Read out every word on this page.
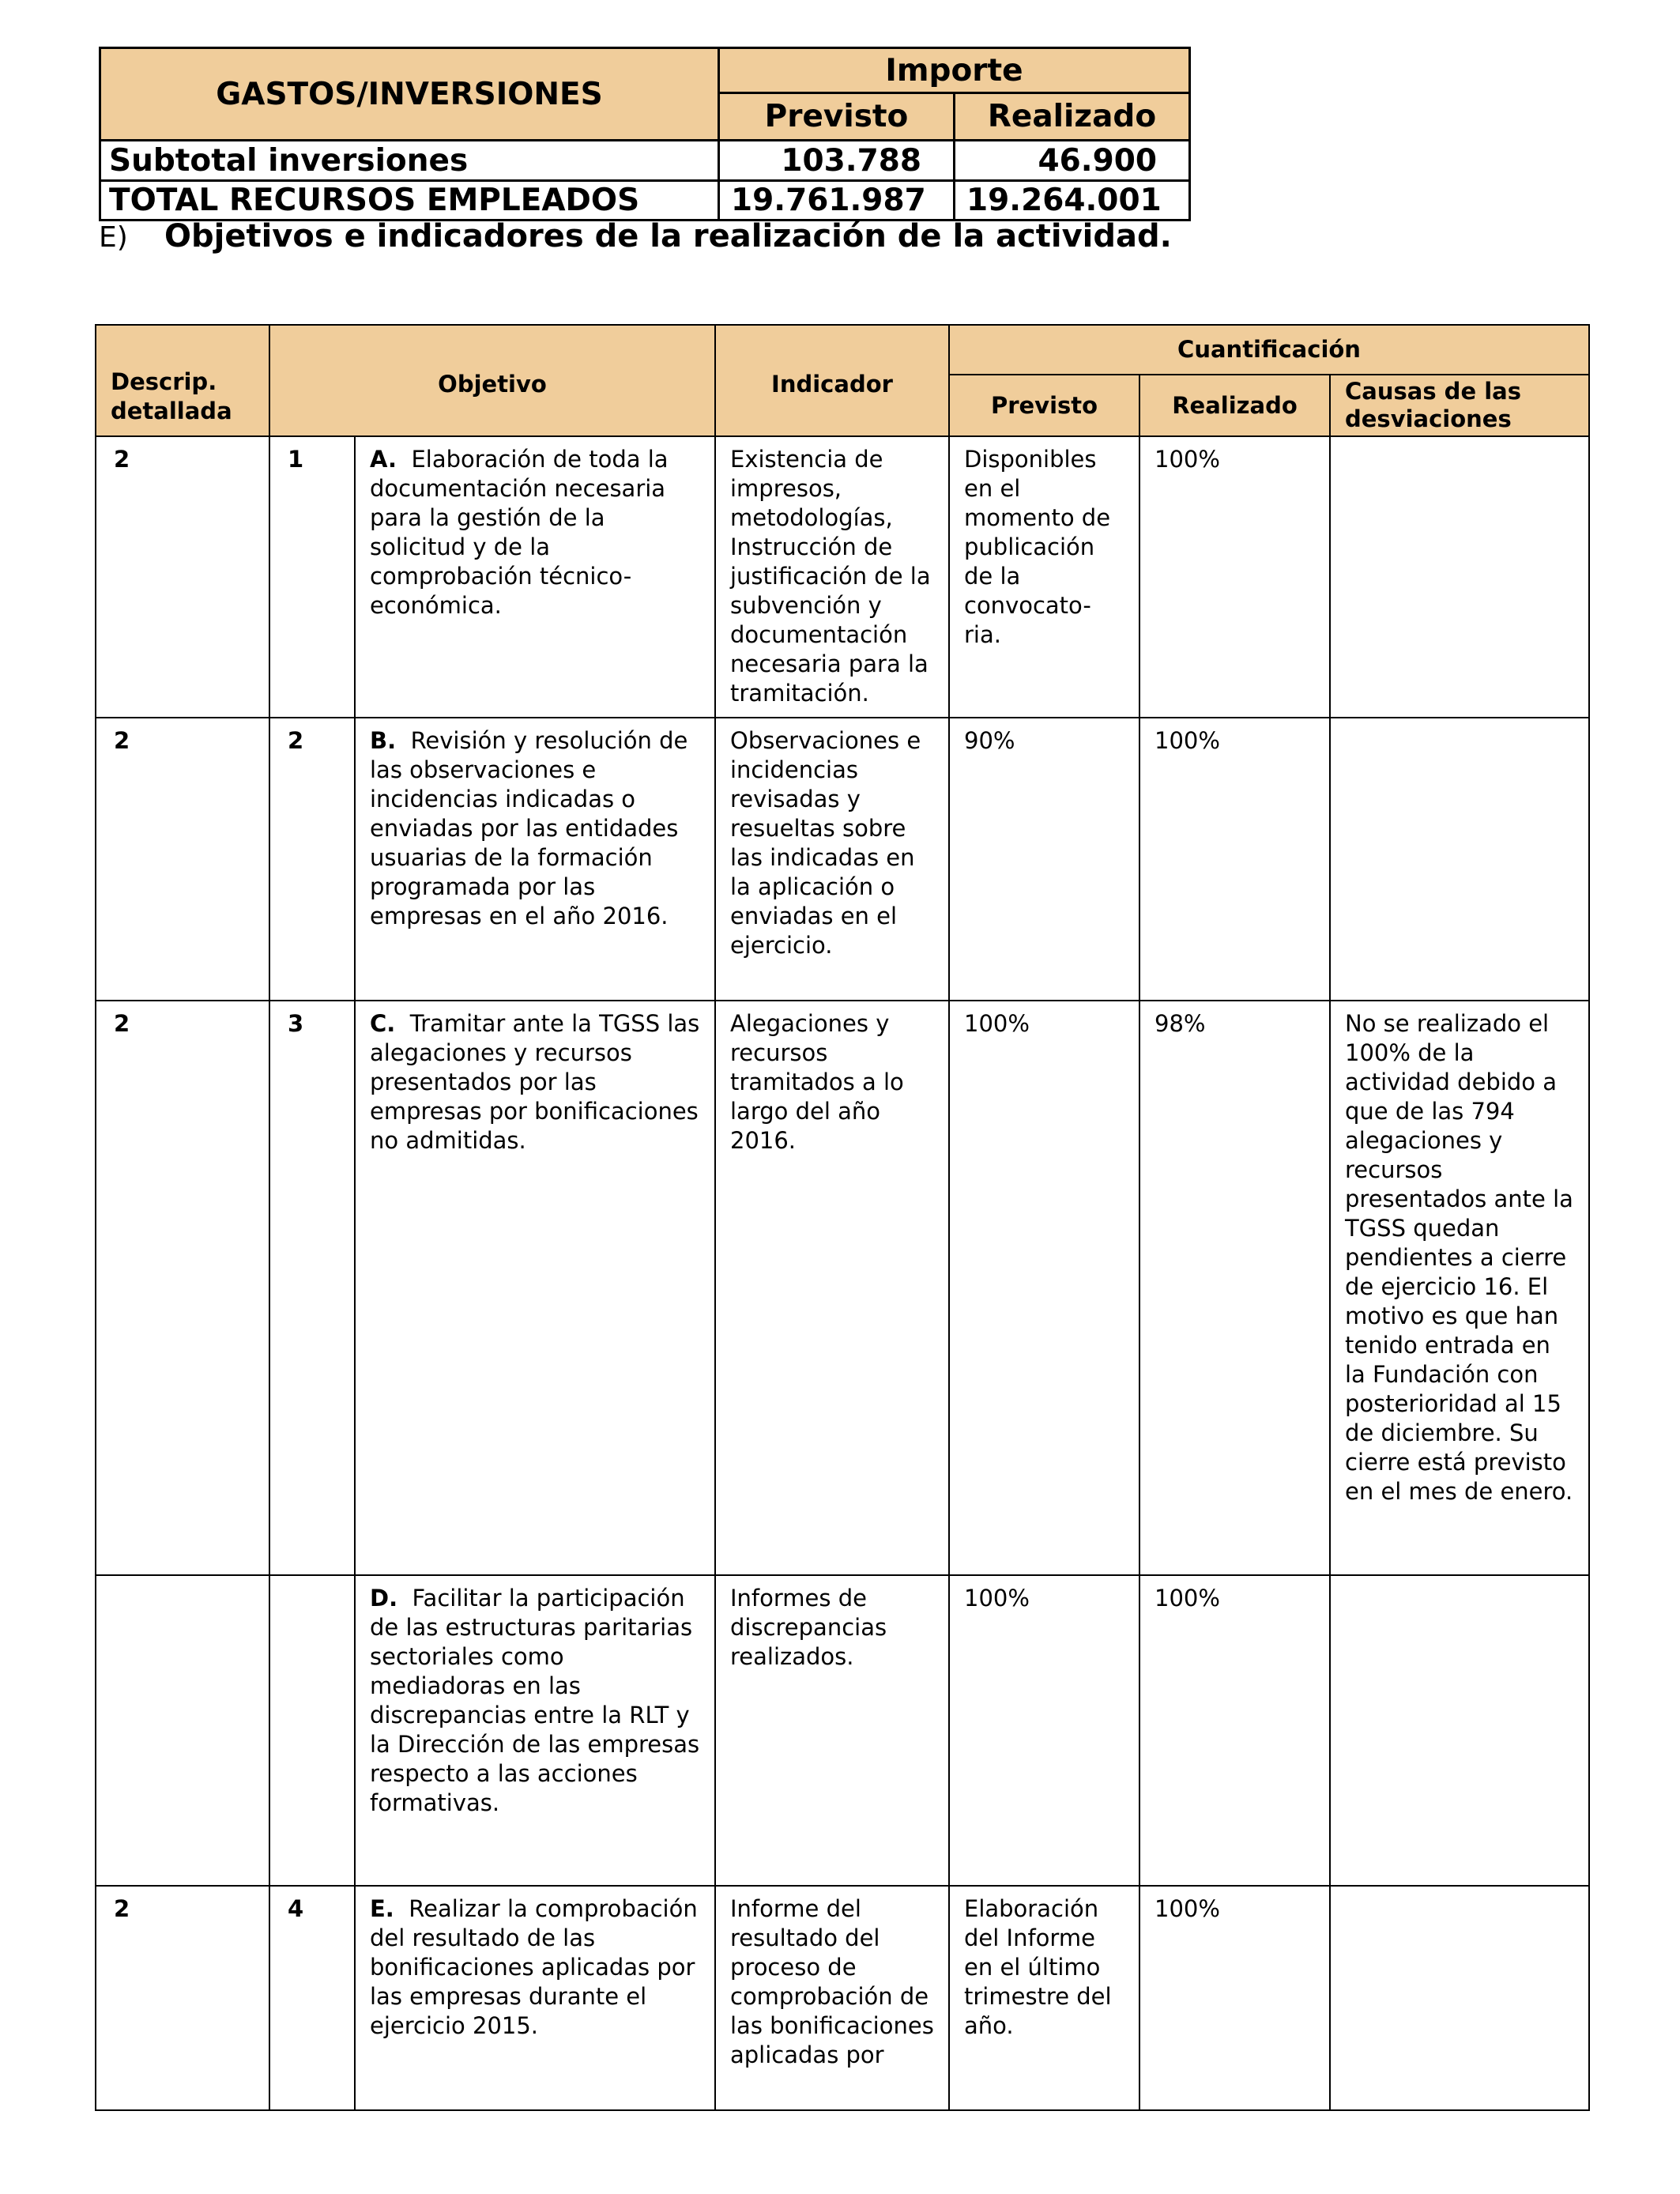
GASTOS/INVERSIONES	Importe	
	Previsto	Realizado
Subtotal inversiones	103.788	46.900
TOTAL RECURSOS EMPLEADOS	19.761.987	19.264.001
E) Objetivos e indicadores de la realización de la actividad.
Descrip. detallada	Objetivo		Indicador	Cuantificación		
				Previsto	Realizado	Causas de las desviaciones
2	1	A. Elaboración de toda la documentación necesaria para la gestión de la solicitud y de la comprobación técnico-económica.	Existencia de impresos, metodologías, Instrucción de justificación de la subvención y documentación necesaria para la tramitación.	Disponibles en el momento de publicación de la convocato-ria.	100%	
2	2	B. Revisión y resolución de las observaciones e incidencias indicadas o enviadas por las entidades usuarias de la formación programada por las empresas en el año 2016.	Observaciones e incidencias revisadas y resueltas sobre las indicadas en la aplicación o enviadas en el ejercicio.	90%	100%	
2	3	C. Tramitar ante la TGSS las alegaciones y recursos presentados por las empresas por bonificaciones no admitidas.	Alegaciones y recursos tramitados a lo largo del año 2016.	100%	98%	No se realizado el 100% de la actividad debido a que de las 794 alegaciones y recursos presentados ante la TGSS quedan pendientes a cierre de ejercicio 16. El motivo es que han tenido entrada en la Fundación con posterioridad al 15 de diciembre. Su cierre está previsto en el mes de enero.
		D. Facilitar la participación de las estructuras paritarias sectoriales como mediadoras en las discrepancias entre la RLT y la Dirección de las empresas respecto a las acciones formativas.	Informes de discrepancias realizados.	100%	100%	
2	4	E. Realizar la comprobación del resultado de las bonificaciones aplicadas por las empresas durante el ejercicio 2015.	Informe del resultado del proceso de comprobación de las bonificaciones aplicadas por	Elaboración del Informe en el último trimestre del año.	100%	
